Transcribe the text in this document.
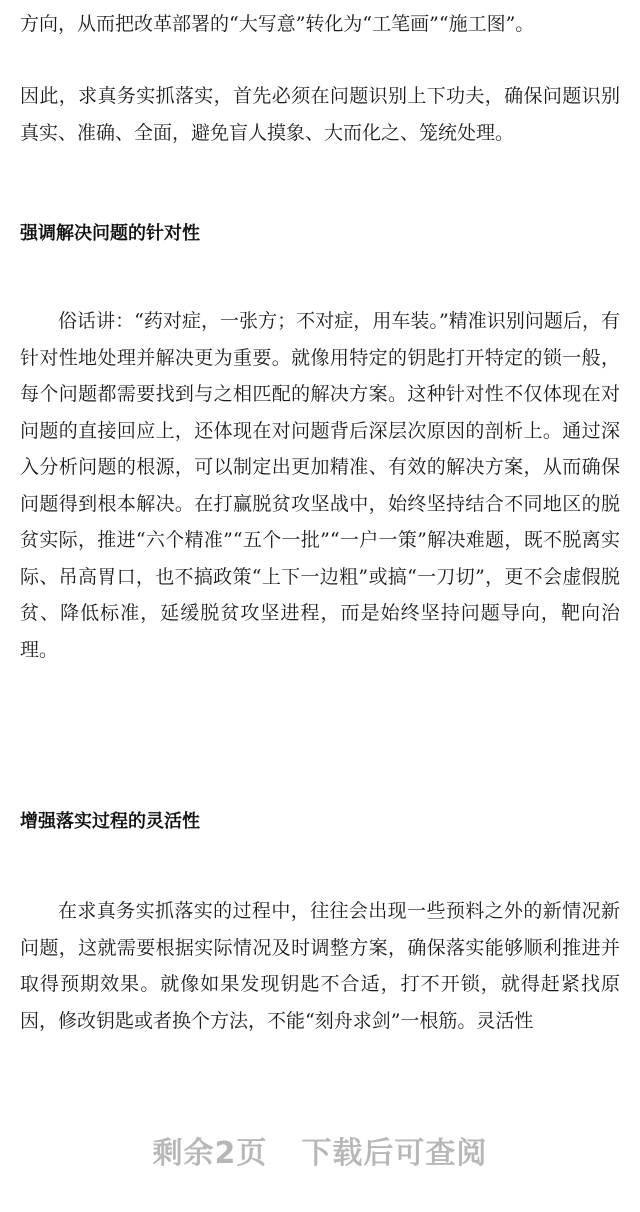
方向，从而把改革部署的“大写意”转化为“工笔画”“施工图”。

因此，求真务实抓落实，首先必须在问题识别上下功夫，确保问题识别真实、准确、全面，避免盲人摸象、大而化之、笼统处理。

强调解决问题的针对性

俗话讲：“药对症，一张方；不对症，用车装。”精准识别问题后，有针对性地处理并解决更为重要。就像用特定的钥匙打开特定的锁一般，每个问题都需要找到与之相匹配的解决方案。这种针对性不仅体现在对问题的直接回应上，还体现在对问题背后深层次原因的剖析上。通过深入分析问题的根源，可以制定出更加精准、有效的解决方案，从而确保问题得到根本解决。在打赢脱贫攻坚战中，始终坚持结合不同地区的脱贫实际，推进“六个精准”“五个一批”“一户一策”解决难题，既不脱离实际、吊高胃口，也不搞政策“上下一边粗”或搞“一刀切”，更不会虚假脱贫、降低标准，延缓脱贫攻坚进程，而是始终坚持问题导向，靶向治理。

增强落实过程的灵活性

在求真务实抓落实的过程中，往往会出现一些预料之外的新情况新问题，这就需要根据实际情况及时调整方案，确保落实能够顺利推进并取得预期效果。就像如果发现钥匙不合适，打不开锁，就得赶紧找原因，修改钥匙或者换个方法，不能“刻舟求剑”一根筋。灵活性

剩余2页 下载后可查阅
